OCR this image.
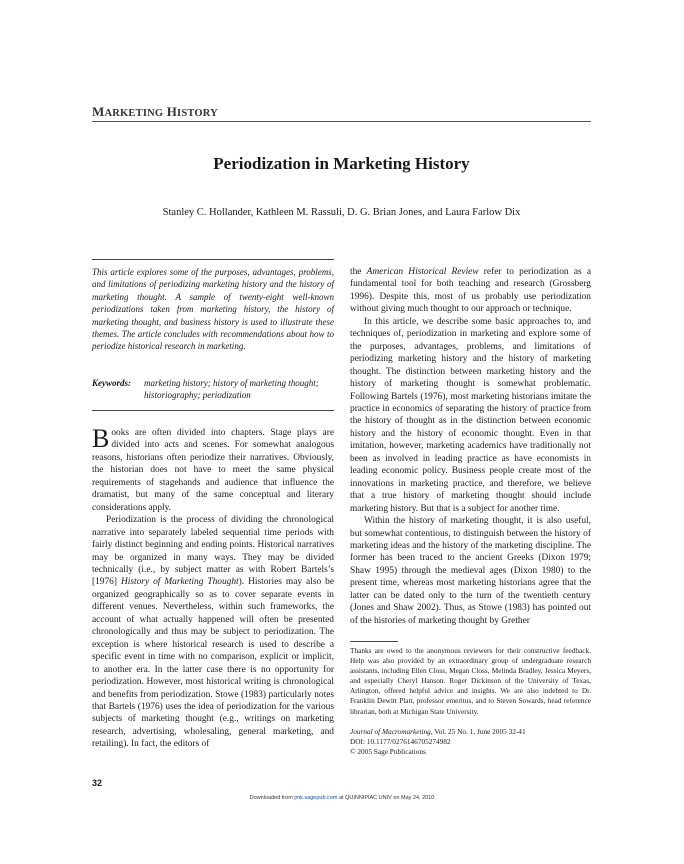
MARKETING HISTORY
Periodization in Marketing History
Stanley C. Hollander, Kathleen M. Rassuli, D. G. Brian Jones, and Laura Farlow Dix
This article explores some of the purposes, advantages, problems, and limitations of periodizing marketing history and the history of marketing thought. A sample of twenty-eight well-known periodizations taken from marketing history, the history of marketing thought, and business history is used to illustrate these themes. The article concludes with recommendations about how to periodize historical research in marketing.
Keywords: marketing history; history of marketing thought; historiography; periodization

Books are often divided into chapters. Stage plays are divided into acts and scenes. For somewhat analogous reasons, historians often periodize their narratives. Obviously, the historian does not have to meet the same physical requirements of stagehands and audience that influence the dramatist, but many of the same conceptual and literary considerations apply.

Periodization is the process of dividing the chronological narrative into separately labeled sequential time periods with fairly distinct beginning and ending points. Historical narratives may be organized in many ways. They may be divided technically (i.e., by subject matter as with Robert Bartels’s [1976] History of Marketing Thought). Histories may also be organized geographically so as to cover separate events in different venues. Nevertheless, within such frameworks, the account of what actually happened will often be presented chronologically and thus may be subject to periodization. The exception is where historical research is used to describe a specific event in time with no comparison, explicit or implicit, to another era. In the latter case there is no opportunity for periodization. However, most historical writing is chronological and benefits from periodization. Stowe (1983) particularly notes that Bartels (1976) uses the idea of periodization for the various subjects of marketing thought (e.g., writings on marketing research, advertising, wholesaling, general marketing, and retailing). In fact, the editors of

the American Historical Review refer to periodization as a fundamental tool for both teaching and research (Grossberg 1996). Despite this, most of us probably use periodization without giving much thought to our approach or technique.

In this article, we describe some basic approaches to, and techniques of, periodization in marketing and explore some of the purposes, advantages, problems, and limitations of periodizing marketing history and the history of marketing thought. The distinction between marketing history and the history of marketing thought is somewhat problematic. Following Bartels (1976), most marketing historians imitate the practice in economics of separating the history of practice from the history of thought as in the distinction between economic history and the history of economic thought. Even in that imitation, however, marketing academics have traditionally not been as involved in leading practice as have economists in leading economic policy. Business people create most of the innovations in marketing practice, and therefore, we believe that a true history of marketing thought should include marketing history. But that is a subject for another time.

Within the history of marketing thought, it is also useful, but somewhat contentious, to distinguish between the history of marketing ideas and the history of the marketing discipline. The former has been traced to the ancient Greeks (Dixon 1979; Shaw 1995) through the medieval ages (Dixon 1980) to the present time, whereas most marketing historians agree that the latter can be dated only to the turn of the twentieth century (Jones and Shaw 2002). Thus, as Stowe (1983) has pointed out of the histories of marketing thought by Grether

Thanks are owed to the anonymous reviewers for their constructive feedback. Help was also provided by an extraordinary group of undergraduate research assistants, including Ellen Closs, Megan Closs, Melinda Bradley, Jessica Meyers, and especially Cheryl Hanson. Roger Dickinson of the University of Texas, Arlington, offered helpful advice and insights. We are also indebted to Dr. Franklin Dewitt Platt, professor emeritus, and to Steven Sowards, head reference librarian, both at Michigan State University.
Journal of Macromarketing, Vol. 25 No. 1, June 2005 32-41
DOI: 10.1177/0276146705274982
© 2005 Sage Publications
32
Downloaded from jmk.sagepub.com at QUINNIPIAC UNIV on May 24, 2010
